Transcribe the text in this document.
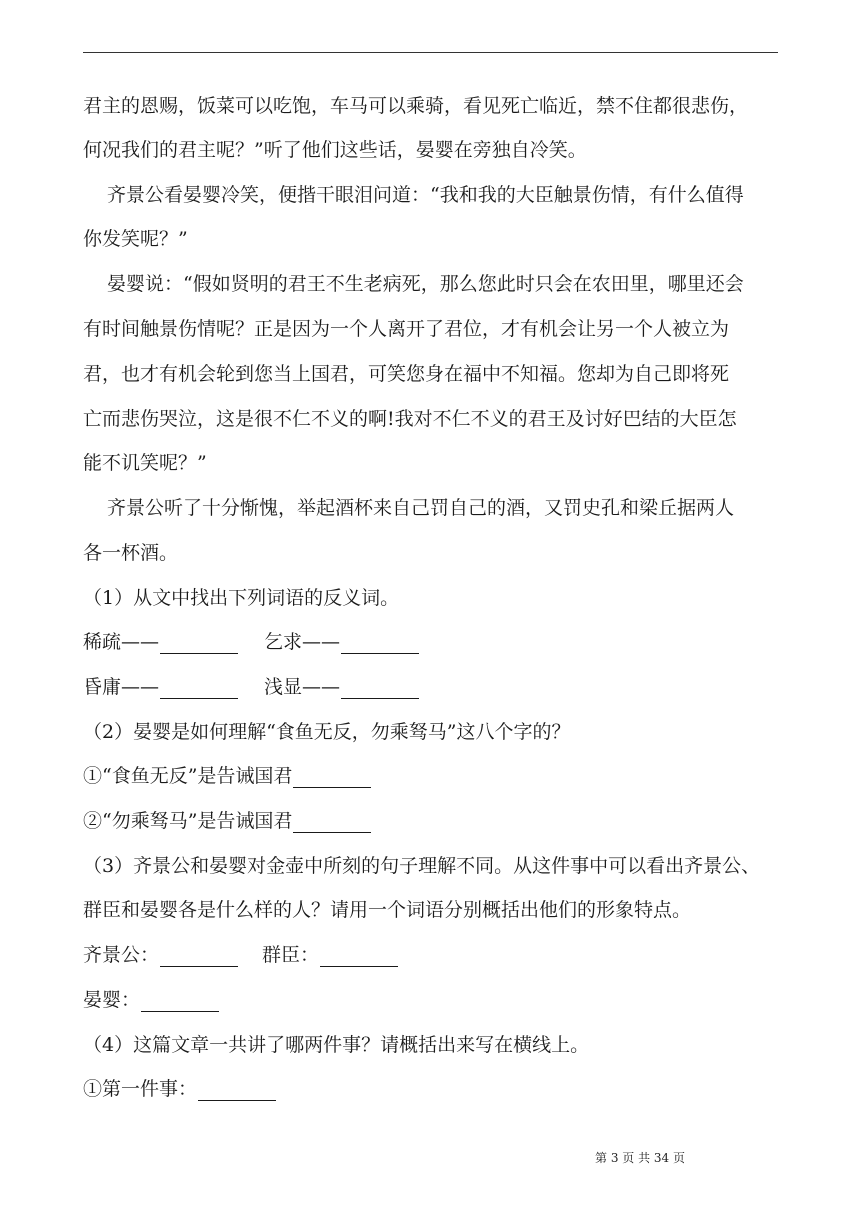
君主的恩赐，饭菜可以吃饱，车马可以乘骑，看见死亡临近，禁不住都很悲伤，
何况我们的君主呢？”听了他们这些话，晏婴在旁独自冷笑。
齐景公看晏婴冷笑，便揩干眼泪问道：“我和我的大臣触景伤情，有什么值得
你发笑呢？”
晏婴说：“假如贤明的君王不生老病死，那么您此时只会在农田里，哪里还会
有时间触景伤情呢？正是因为一个人离开了君位，才有机会让另一个人被立为
君，也才有机会轮到您当上国君，可笑您身在福中不知福。您却为自己即将死
亡而悲伤哭泣，这是很不仁不义的啊!我对不仁不义的君王及讨好巴结的大臣怎
能不讥笑呢？”
齐景公听了十分惭愧，举起酒杯来自己罚自己的酒，又罚史孔和梁丘据两人
各一杯酒。
（1）从文中找出下列词语的反义词。
稀疏——	乞求——
昏庸——	浅显——
（2）晏婴是如何理解“食鱼无反，勿乘驽马”这八个字的？
①“食鱼无反”是告诫国君
②“勿乘驽马”是告诫国君
（3）齐景公和晏婴对金壶中所刻的句子理解不同。从这件事中可以看出齐景公、
群臣和晏婴各是什么样的人？请用一个词语分别概括出他们的形象特点。
齐景公：	群臣：
晏婴：
（4）这篇文章一共讲了哪两件事？请概括出来写在横线上。
①第一件事：
第 3 页 共 34 页
